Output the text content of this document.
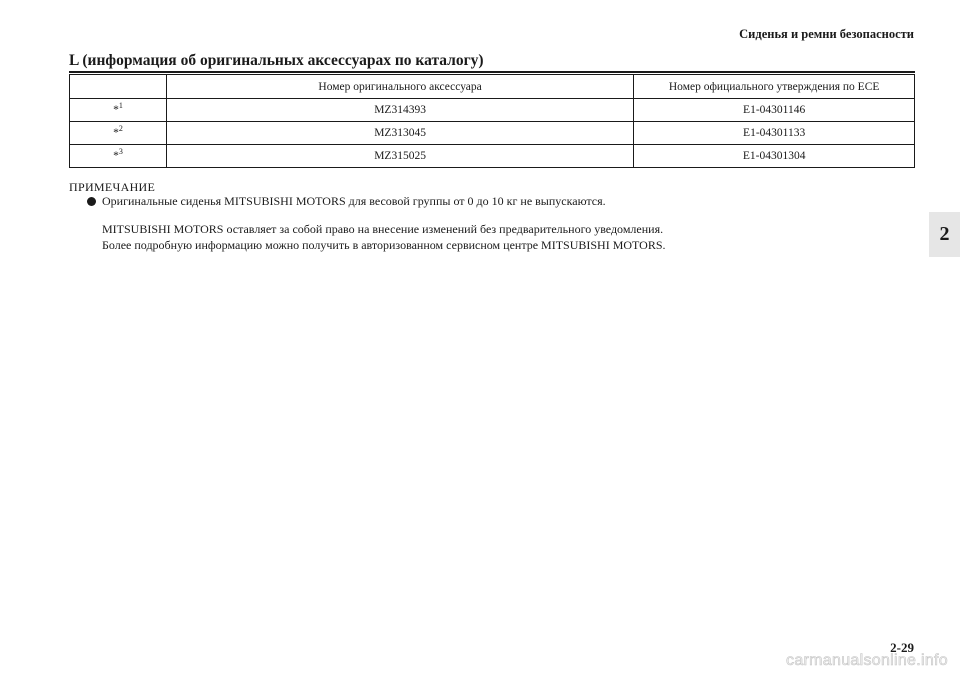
Сиденья и ремни безопасности
L (информация об оригинальных аксессуарах по каталогу)
	Номер оригинального аксессуара	Номер официального утверждения по ECE
*$^1$	MZ314393	E1-04301146
*$^2$	MZ313045	E1-04301133
*$^3$	MZ315025	E1-04301304
ПРИМЕЧАНИЕ
Оригинальные сиденья MITSUBISHI MOTORS для весовой группы от 0 до 10 кг не выпускаются.
MITSUBISHI MOTORS оставляет за собой право на внесение изменений без предварительного уведомления.
Более подробную информацию можно получить в авторизованном сервисном центре MITSUBISHI MOTORS.	2
2-29
carmanualsonline.info
